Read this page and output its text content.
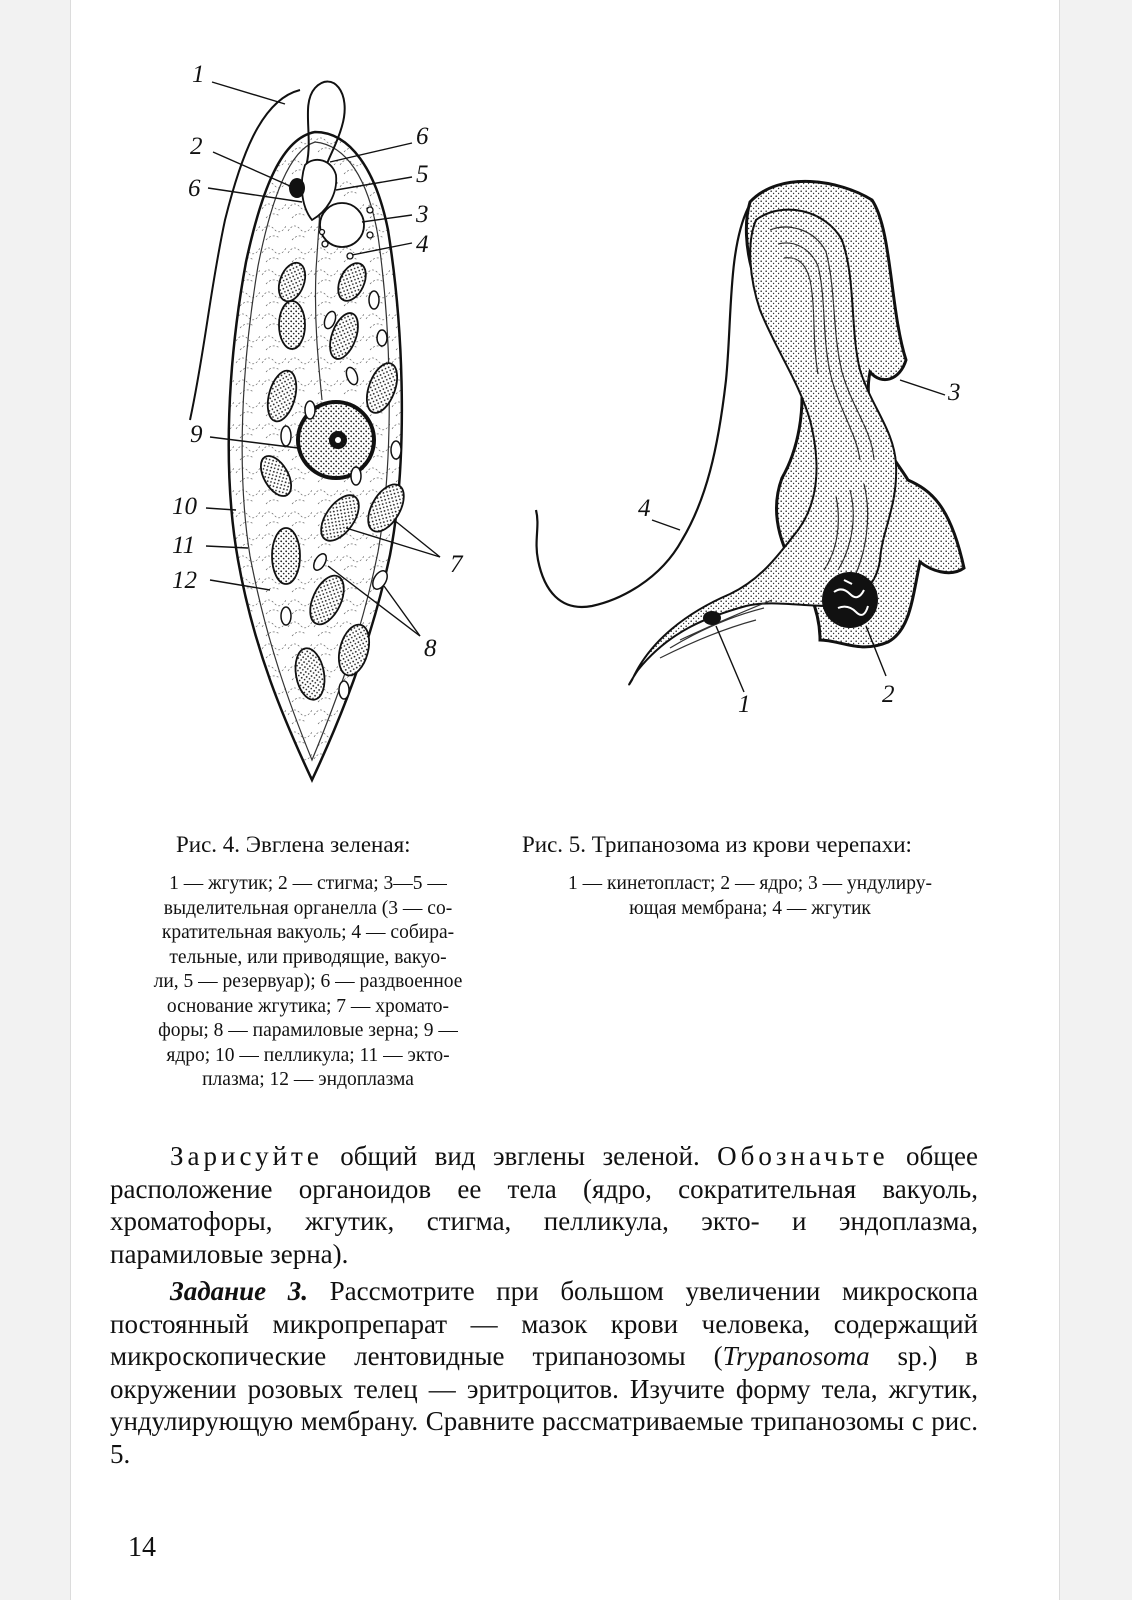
1
2
6
6
5
3
4
9
10
11
12
7
8
3
4
1	2
Рис. 4. Эвглена зеленая:

1 — жгутик; 2 — стигма; 3—5 —

выделительная органелла (3 — со-

кратительная вакуоль; 4 — собира-

тельные, или приводящие, вакуо-

ли, 5 — резервуар); 6 — раздвоенное

основание жгутика; 7 — хромато-

форы; 8 — парамиловые зерна; 9 —

ядро; 10 — пелликула; 11 — экто-

плазма; 12 — эндоплазма

Рис. 5. Трипанозома из крови черепахи:

1 — кинетопласт; 2 — ядро; 3 — ундулиру-

ющая мембрана; 4 — жгутик

Зарисуйте общий вид эвглены зеленой. Обозначьте общее расположение органоидов ее тела (ядро, сократительная вакуоль, хроматофоры, жгутик, стигма, пелликула, экто- и эндоплазма, парамиловые зерна).

Задание 3. Рассмотрите при большом увеличении микроскопа постоянный микропрепарат — мазок крови человека, содержащий микроскопические лентовидные трипанозомы (Trypanosoma sp.) в окружении розовых телец — эритроцитов. Изучите форму тела, жгутик, ундулирующую мембрану. Сравните рассматриваемые трипанозомы с рис. 5.

14
